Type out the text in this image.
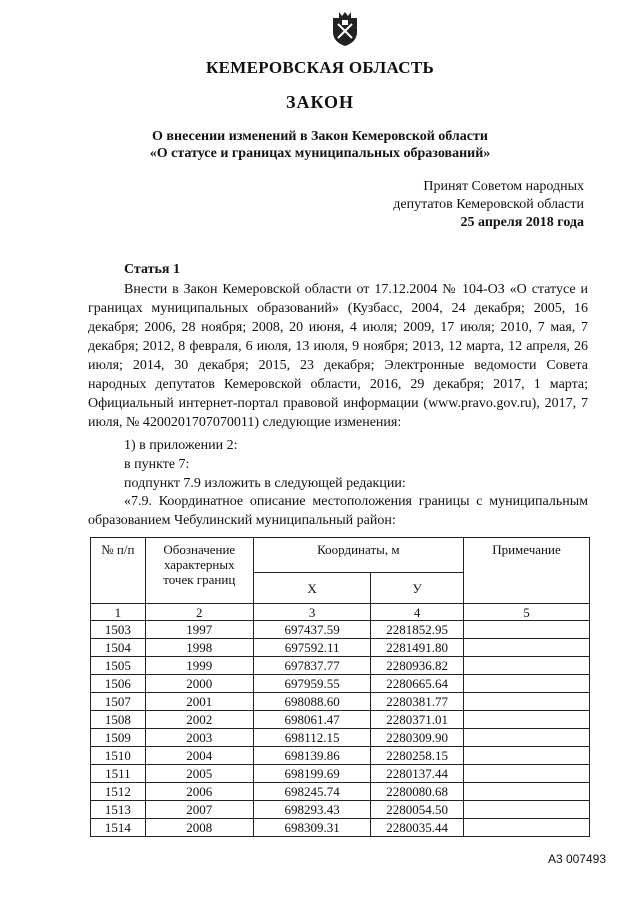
КЕМЕРОВСКАЯ ОБЛАСТЬ
ЗАКОН
О внесении изменений в Закон Кемеровской области
«О статусе и границах муниципальных образований»
Принят Советом народных
депутатов Кемеровской области
25 апреля 2018 года
Статья 1

Внести в Закон Кемеровской области от 17.12.2004 № 104-ОЗ «О статусе и границах муниципальных образований» (Кузбасс, 2004, 24 декабря; 2005, 16 декабря; 2006, 28 ноября; 2008, 20 июня, 4 июля; 2009, 17 июля; 2010, 7 мая, 7 декабря; 2012, 8 февраля, 6 июля, 13 июля, 9 ноября; 2013, 12 марта, 12 апреля, 26 июля; 2014, 30 декабря; 2015, 23 декабря; Электронные ведомости Совета народных депутатов Кемеровской области, 2016, 29 декабря; 2017, 1 марта; Официальный интернет-портал правовой информации (www.pravo.gov.ru), 2017, 7 июля, № 4200201707070011) следующие изменения:

1) в приложении 2:
в пункте 7:
подпункт 7.9 изложить в следующей редакции:
«7.9. Координатное описание местоположения границы с муниципальным образованием Чебулинский муниципальный район:
№ п/п	Обозначение характерных точек границ	Координаты, м		Примечание
		X	У	
1	2	3	4	5
1503	1997	697437.59	2281852.95	
1504	1998	697592.11	2281491.80	
1505	1999	697837.77	2280936.82	
1506	2000	697959.55	2280665.64	
1507	2001	698088.60	2280381.77	
1508	2002	698061.47	2280371.01	
1509	2003	698112.15	2280309.90	
1510	2004	698139.86	2280258.15	
1511	2005	698199.69	2280137.44	
1512	2006	698245.74	2280080.68	
1513	2007	698293.43	2280054.50	
1514	2008	698309.31	2280035.44	
А3 007493
